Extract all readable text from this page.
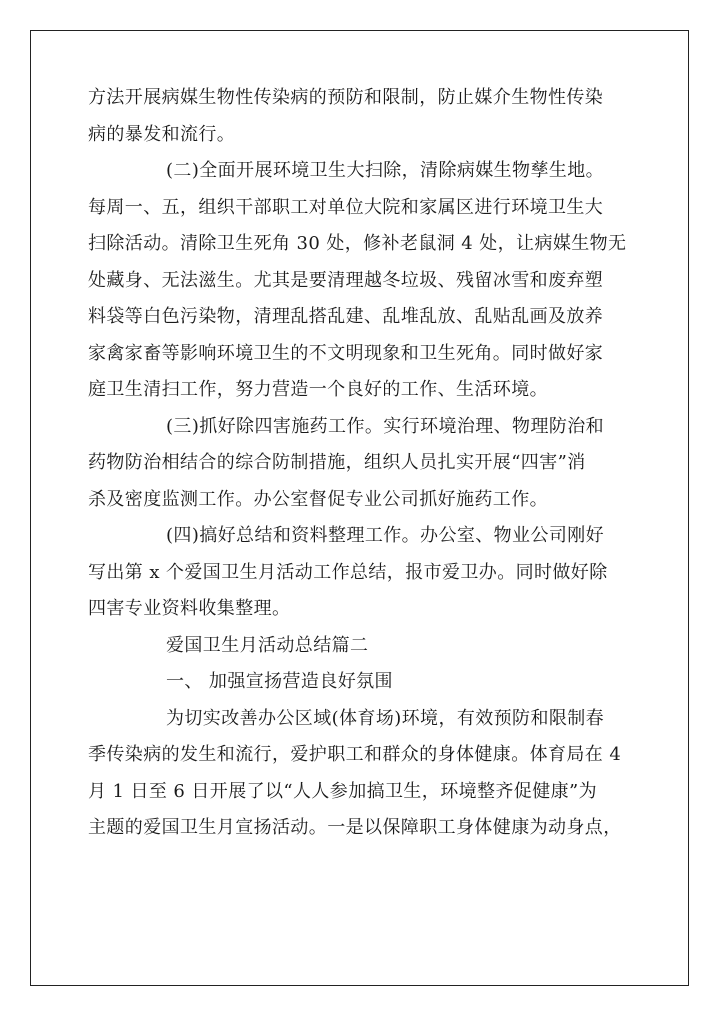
方法开展病媒生物性传染病的预防和限制，防止媒介生物性传染
病的暴发和流行。
(二)全面开展环境卫生大扫除，清除病媒生物孳生地。
每周一、五，组织干部职工对单位大院和家属区进行环境卫生大
扫除活动。清除卫生死角 30 处，修补老鼠洞 4 处，让病媒生物无
处藏身、无法滋生。尤其是要清理越冬垃圾、残留冰雪和废弃塑
料袋等白色污染物，清理乱搭乱建、乱堆乱放、乱贴乱画及放养
家禽家畜等影响环境卫生的不文明现象和卫生死角。同时做好家
庭卫生清扫工作，努力营造一个良好的工作、生活环境。
(三)抓好除四害施药工作。实行环境治理、物理防治和
药物防治相结合的综合防制措施，组织人员扎实开展“四害”消
杀及密度监测工作。办公室督促专业公司抓好施药工作。
(四)搞好总结和资料整理工作。办公室、物业公司刚好
写出第 x 个爱国卫生月活动工作总结，报市爱卫办。同时做好除
四害专业资料收集整理。
爱国卫生月活动总结篇二
一、 加强宣扬营造良好氛围
为切实改善办公区域(体育场)环境，有效预防和限制春
季传染病的发生和流行，爱护职工和群众的身体健康。体育局在 4
月 1 日至 6 日开展了以“人人参加搞卫生，环境整齐促健康”为
主题的爱国卫生月宣扬活动。一是以保障职工身体健康为动身点，
